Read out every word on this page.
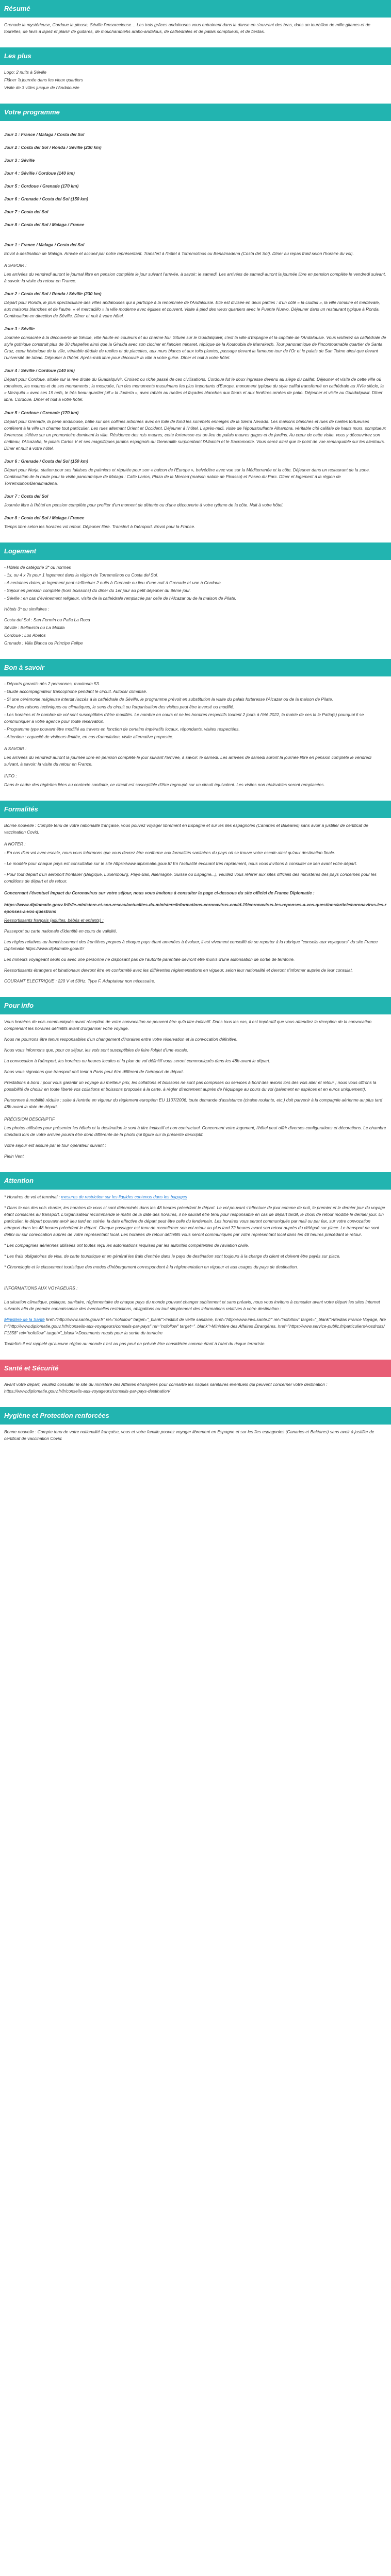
Résumé

Grenade la mystérieuse, Cordoue la pieuse, Séville l'ensorceleuse… Les trois grâces andalouses vous entrainent dans la danse en s'ouvrant des bras, dans un tourbillon de mille gitanes et de tourelles, de lavis à lapez et plaisir de guitares, de moucharabiehs arabo-andalous, de cathédrales et de palais somptueux, et de fiestas.

Les plus
Logo: 2 nuits à Séville
Flâner 'à journée dans les vieux quartiers
Visite de 3 villes jusque de l'Andalousie
Votre programme
Jour 1 : France / Malaga / Costa del Sol
Jour 2 : Costa del Sol / Ronda / Séville (230 km)
Jour 3 : Séville
Jour 4 : Séville / Cordoue (140 km)
Jour 5 : Cordoue / Grenade (170 km)
Jour 6 : Grenade / Costa del Sol (150 km)
Jour 7 : Costa del Sol
Jour 8 : Costa del Sol / Malaga / France
Jour 1 : France / Malaga / Costa del Sol

Envol à destination de Malaga. Arrivée et accueil par notre représentant. Transfert à l'hôtel à Torremolinos ou Benalmadena (Costa del Sol). Dîner au repas froid selon l'horaire du vol).

A SAVOIR :

Les arrivées du vendredi auront le journal libre en pension complète le jour suivant l'arrivée, à savoir: le samedi. Les arrivées de samedi auront la journée libre en pension complète le vendredi suivant, à savoir: la visite du retour en France.

Jour 2 : Costa del Sol / Ronda / Séville (230 km)

Départ pour Ronda, le plus spectaculaire des villes andalouses qui a participé à la renommée de l'Andalousie. Elle est divisée en deux parties : d'un côté « la ciudad », la ville romaine et médiévale, aux maisons blanches et de l'autre, « el mercadillo » la ville moderne avec églises et couvent. Visite à pied des vieux quartiers avec le Puente Nuevo. Déjeuner dans un restaurant typique à Ronda. Continuation en direction de Séville. Dîner et nuit à votre hôtel.

Jour 3 : Séville

Journée consacrée à la découverte de Séville, ville haute en couleurs et au charme fou. Située sur le Guadalquivir, c'est la ville d'Espagne et la capitale de l'Andalousie. Vous visiterez sa cathédrale de style gothique construit plus de 30 chapelles ainsi que la Giralda avec son clocher et l'ancien minaret, réplique de la Koutoubia de Marrakech. Tour panoramique de l'incontournable quartier de Santa Cruz, cœur historique de la ville, véritable dédale de ruelles et de placettes, aux murs blancs et aux toits plantes, passage devant la fameuse tour de l'Or et le palais de San Telmo ainsi que devant l'université de tabac. Déjeuner à l'hôtel. Après-midi libre pour découvrir la ville à votre guise. Dîner et nuit à votre hôtel.

Jour 4 : Séville / Cordoue (140 km)

Départ pour Cordoue, située sur la rive droite du Guadalquivir. Croisez ou riche passé de ces civilisations, Cordoue fut le doux ingresse devenu au siège du califat. Déjeuner et visite de cette ville où romaines, les maures et de ses monuments : la mosquée, l'un des monuments musulmans les plus importants d'Europe, monument typique du style califal transformé en cathédrale au XVIe siècle, la « Mezquita » avec ses 19 nefs, le très beau quartier juif « la Judería », avec rabbin au ruelles et façades blanches aux fleurs et aux fenêtres ornées de patio. Déjeuner et visite au Guadalquivir. Dîner libre. Cordoue. Dîner et nuit à votre hôtel.

Jour 5 : Cordoue / Grenade (170 km)

Départ pour Grenade, la perle andalouse, bâtie sur des collines arborées avec en toile de fond les sommets enneigés de la Sierra Nevada. Les maisons blanches et rues de ruelles tortueuses conférent à la ville un charme tout particulier. Les rues alternant Orient et Occident, Déjeuner à l'hôtel. L'après-midi, visite de l'époustouflante Alhambra, véritable cité califale de hauts murs, somptueux forteresse s'élève sur un promontoire dominant la ville. Résidence des rois maures, cette forteresse est un lieu de palais maures gages et de jardins. Au cœur de cette visite, vous y découvrirez son château, l'Alcazaba, le palais Carlos V et ses magnifiques jardins espagnols du Generalife surplombant l'Albaicín et le Sacromonte. Vous serez ainsi que le point de vue remarquable sur les alentours. Dîner et nuit à votre hôtel.

Jour 6 : Grenade / Costa del Sol (150 km)

Départ pour Nerja, station pour ses falaises de palmiers et réputée pour son « balcon de l'Europe », belvédère avec vue sur la Méditerranée et la côte. Déjeuner dans un restaurant de la zone. Continuation de la route pour la visite panoramique de Malaga : Calle Larios, Plaza de la Merced (maison natale de Picasso) et Paseo du Parc. Dîner et logement à la région de Torremolinos/Benalmadena.

Jour 7 : Costa del Sol

Journée libre à l'hôtel en pension complète pour profiter d'un moment de détente ou d'une découverte à votre rythme de la côte. Nuit à votre hôtel.

Jour 8 : Costa del Sol / Malaga / France

Temps libre selon les horaires vol retour. Déjeuner libre. Transfert à l'aéroport. Envol pour la France.

Logement
- Hôtels de catégorie 3* ou normes
- 1x, ou 4 x 7x pour 1 logement dans la région de Torremolinos ou Costa del Sol.
- A certaines dates, le logement peut s'effectuer 2 nuits à Grenade ou lieu d'une nuit à Grenade et une à Cordoue.
- Séjour en pension complète (hors boissons) du dîner du 1er jour au petit déjeuner du 8ème jour.
- Séville : en cas d'événement religieux, visite de la cathédrale remplacée par celle de l'Alcazar ou de la maison de Pilate.

Hôtels 3* ou similaires :

Costa del Sol : San Fermín ou Palia La Roca
Séville : Bellavista ou La Motilla
Cordoue : Los Abetos
Grenade : Villa Bianca ou Principe Felipe
Bon à savoir
- Départs garantis dès 2 personnes, maximum 53.
- Guide accompagnateur francophone pendant le circuit. Autocar climatisé.
- Si une cérémonie religieuse interdit l'accès à la cathédrale de Séville, le programme prévoit en substitution la visite du palais forteresse l'Alcazar ou de la maison de Pilate.
- Pour des raisons techniques ou climatiques, le sens du circuit ou l'organisation des visites peut être inversé ou modifié.
- Les horaires et le nombre de vol sont susceptibles d'être modifiés. Le nombre en cours et ne les horaires respectifs tourent 2 jours à l'été 2022, la mairie de ces la le Patio(s) pourquoi il se communiquer à votre agence pour toute réservation.
- Programme type pouvant être modifié au travers en fonction de certains impératifs locaux, répondants, visites respectées.
- Attention : capacité de visiteurs limitée, en cas d'annulation, visite alternative proposée.

A SAVOIR :

Les arrivées du vendredi auront la journée libre en pension complète le jour suivant l'arrivée, à savoir: le samedi. Les arrivées de samedi auront la journée libre en pension complète le vendredi suivant, à savoir: la visite du retour en France.

INFO :

Dans le cadre des réglettes liées au contexte sanitaire, ce circuit est susceptible d'être regroupé sur un circuit équivalent. Les visites non réalisables seront remplacées.

Formalités

Bonne nouvelle : Compte tenu de votre nationalité française, vous pouvez voyager librement en Espagne et sur les îles espagnoles (Canaries et Baléares) sans avoir à justifier de certificat de vaccination Covid.

A NOTER :

- En cas d'un vol avec escale, nous vous informons que vous devrez être conforme aux formalités sanitaires du pays où se trouve votre escale ainsi qu'aux destination finale.

- Le modèle pour chaque pays est consultable sur le site https://www.diplomatie.gouv.fr/ En l'actualité évoluant très rapidement, nous vous invitons à consulter ce lien avant votre départ.

- Pour tout départ d'un aéroport frontalier (Belgique, Luxembourg, Pays-Bas, Allemagne, Suisse ou Espagne...), veuillez vous référer aux sites officiels des ministères des pays concernés pour les conditions de départ et de retour.

Concernant l'éventuel impact du Coronavirus sur votre séjour, nous vous invitons à consulter la page ci-dessous du site officiel de France Diplomatie :

https://www.diplomatie.gouv.fr/fr/le-ministere-et-son-reseau/actualites-du-ministere/informations-coronavirus-covid-19/coronavirus-les-reponses-a-vos-questions/article/coronavirus-les-reponses-a-vos-questions

Ressortissants français (adultes, bébés et enfants) :

Passeport ou carte nationale d'identité en cours de validité.

Les règles relatives au franchissement des frontières propres à chaque pays étant amenées à évoluer, il est vivement conseillé de se reporter à la rubrique "conseils aux voyageurs" du site France Diplomatie.https://www.diplomatie.gouv.fr/

Les mineurs voyageant seuls ou avec une personne ne disposant pas de l'autorité parentale devront être munis d'une autorisation de sortie de territoire.

Ressortissants étrangers et binationaux devront être en conformité avec les différentes réglementations en vigueur, selon leur nationalité et devront s'informer auprès de leur consulat.

COURANT ELECTRIQUE : 220 V et 50Hz. Type F. Adaptateur non nécessaire.

Pour info

Vous horaires de vols communiqués avant réception de votre convocation ne peuvent être qu'à titre indicatif. Dans tous les cas, il est impératif que vous attendiez la réception de la convocation comprenant les horaires définitifs avant d'organiser votre voyage.

Nous ne pourrons être tenus responsables d'un changement d'horaires entre votre réservation et la convocation définitive.

Nous vous informons que, pour ce séjour, les vols sont susceptibles de faire l'objet d'une escale.

La convocation à l'aéroport, les horaires ou heures locales et la plan de vol définitif vous seront communiqués dans les 48h avant le départ.

Nous vous signalons que transport doit tenir à Paris peut être différent de l'aéroport de départ.

Prestations à bord : pour vous garantir un voyage au meilleur prix, les collations et boissons ne sont pas comprises ou services à bord des avions lors des vols aller et retour ; nous vous offrons la possibilité de choisir en toute liberté vos collations et boissons proposés à la carte, à régler directement auprès de l'équipage au cours du vol (paiement en espèces et en euros uniquement).

Personnes à mobilité réduite : suite à l'entrée en vigueur du règlement européen EU 1107/2006, toute demande d'assistance (chaise roulante, etc.) doit parvenir à la compagnie aérienne au plus tard 48h avant la date de départ.

PRÉCISION DESCRIPTIF

Les photos utilisées pour présenter les hôtels et la destination le sont à titre indicatif et non contractuel. Concernant votre logement, l'hôtel peut offrir diverses configurations et décorations. Le chambre standard lors de votre arrivée pourra être donc différente de la photo qui figure sur la présente descriptif.

Votre séjour est assuré par le tour opérateur suivant :

Plein Vent

Attention

* Horaires de vol et terminal : mesures de restriction sur les liquides contenus dans les bagages

* Dans le cas des vols charter, les horaires de vous ci sont déterminés dans les 48 heures précédant le départ. Le vol pouvant s'effectuer de jour comme de nuit, le premier et le dernier jour du voyage étant consacrés au transport. L'organisateur recommande le matin de la date des horaires, il ne saurait être tenu pour responsable en cas de départ tardif, le choix de retour modifié le dernier jour. En particulier, le départ pouvant avoir lieu tard en soirée, la date effective de départ peut être celle du lendemain. Les horaires vous seront communiqués par mail ou par fax, sur votre convocation aéroport dans les 48 heures précédant le départ. Chaque passager est tenu de reconfirmer son vol retour au plus tard 72 heures avant son retour auprès du délégué sur place. Le transport ne sont défini ou sur convocation auprès de votre représentant local. Les horaires de retour définitifs vous seront communiqués par votre représentant local dans les 48 heures précédant le retour.

* Les compagnies aériennes utilisées ont toutes reçu les autorisations requises par les autorités compétentes de l'aviation civile.

* Les frais obligatoires de visa, de carte touristique et en général les frais d'entrée dans le pays de destination sont toujours à la charge du client et doivent être payés sur place.

* Chronologie et le classement touristique des modes d'hébergement correspondent à la réglementation en vigueur et aux usages du pays de destination.

INFORMATIONS AUX VOYAGEURS :

La situation climatique, politique, sanitaire, réglementaire de chaque pays du monde pouvant changer subitement et sans préavis, nous vous invitons à consulter avant votre départ les sites Internet suivants afin de prendre connaissance des éventuelles restrictions, obligations ou tout simplement des informations relatives à votre destination :

Ministère de la Santé href="http://www.sante.gouv.fr" rel="nofollow" target="_blank">Institut de veille sanitaire, href="http://www.invs.sante.fr" rel="nofollow" target="_blank">Medias France Voyage, href="http://www.diplomatie.gouv.fr/fr/conseils-aux-voyageurs/conseils-par-pays" rel="nofollow" target="_blank">Ministère des Affaires Étrangères, href="https://www.service-public.fr/particuliers/vosdroits/F1358" rel="nofollow" target="_blank">Documents requis pour la sortie du territoire

Toutefois il est rappelé qu'aucune région au monde n'est au pas peut en prévoir être considérée comme étant à l'abri du risque terroriste.

Santé et Sécurité

Avant votre départ, veuillez consulter le site du ministère des Affaires étrangères pour connaître les risques sanitaires éventuels qui peuvent concerner votre destination : https://www.diplomatie.gouv.fr/fr/conseils-aux-voyageurs/conseils-par-pays-destination/

Hygiène et Protection renforcées

Bonne nouvelle : Compte tenu de votre nationalité française, vous et votre famille pouvez voyager librement en Espagne et sur les îles espagnoles (Canaries et Baléares) sans avoir à justifier de certificat de vaccination Covid.
